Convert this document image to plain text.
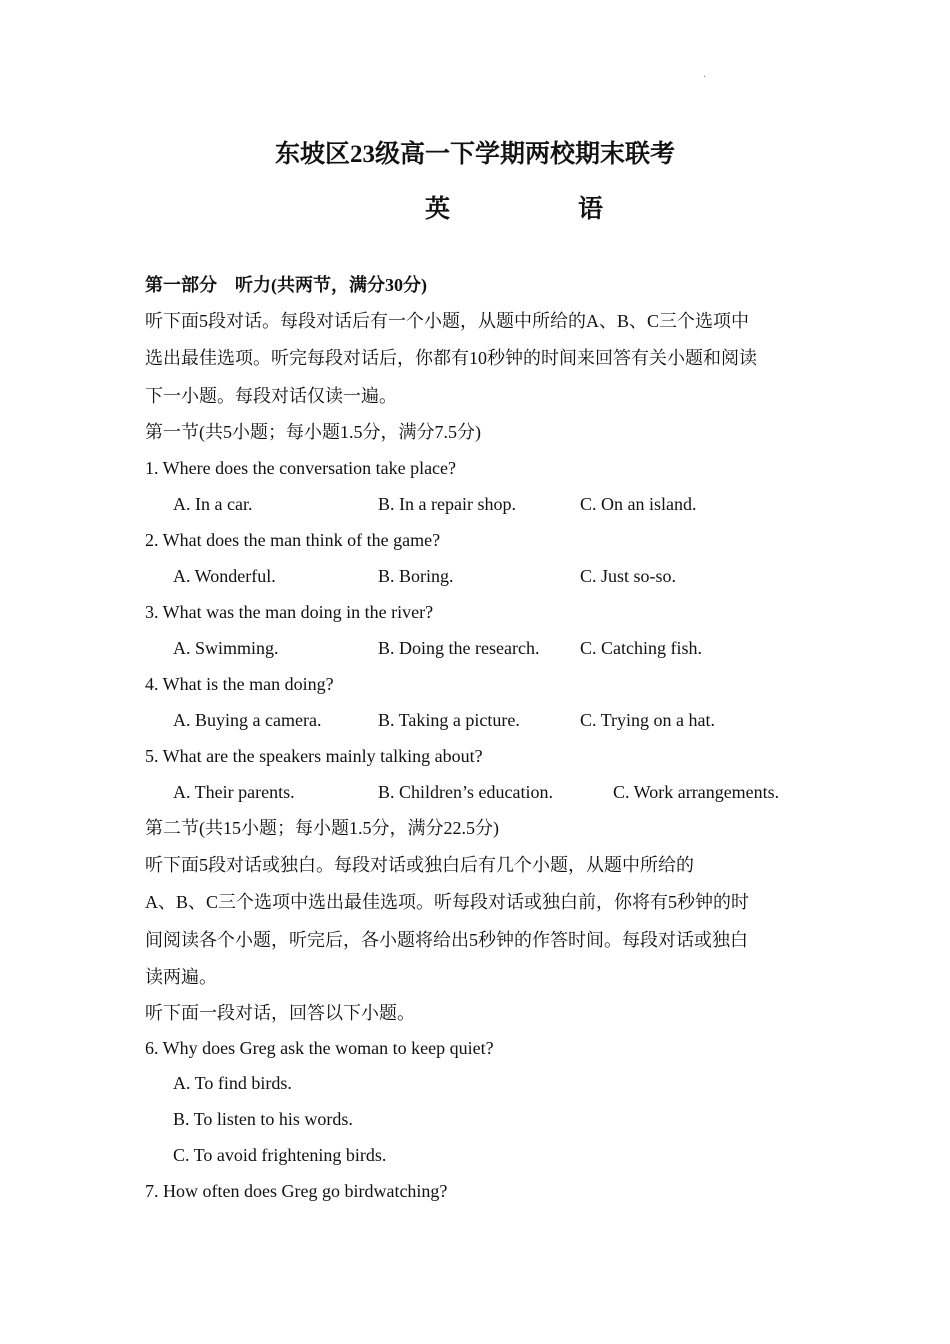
·
东坡区23级高一下学期两校期末联考
英	语
第一部分　听力(共两节，满分30分)
听下面5段对话。每段对话后有一个小题，从题中所给的A、B、C三个选项中
选出最佳选项。听完每段对话后，你都有10秒钟的时间来回答有关小题和阅读
下一小题。每段对话仅读一遍。
第一节(共5小题；每小题1.5分，满分7.5分)
1. Where does the conversation take place?
A. In a car.	B. In a repair shop.	C. On an island.
2. What does the man think of the game?
A. Wonderful.	B. Boring.	C. Just so-so.
3. What was the man doing in the river?
A. Swimming.	B. Doing the research. C. Catching fish.
4. What is the man doing?
A. Buying a camera.	B. Taking a picture.	C. Trying on a hat.
5. What are the speakers mainly talking about?
A. Their parents.	B. Children’s education.	C. Work arrangements.
第二节(共15小题；每小题1.5分，满分22.5分)
听下面5段对话或独白。每段对话或独白后有几个小题，从题中所给的
A、B、C三个选项中选出最佳选项。听每段对话或独白前，你将有5秒钟的时
间阅读各个小题，听完后，各小题将给出5秒钟的作答时间。每段对话或独白
读两遍。
听下面一段对话，回答以下小题。
6. Why does Greg ask the woman to keep quiet?
A. To find birds.
B. To listen to his words.
C. To avoid frightening birds.
7. How often does Greg go birdwatching?
